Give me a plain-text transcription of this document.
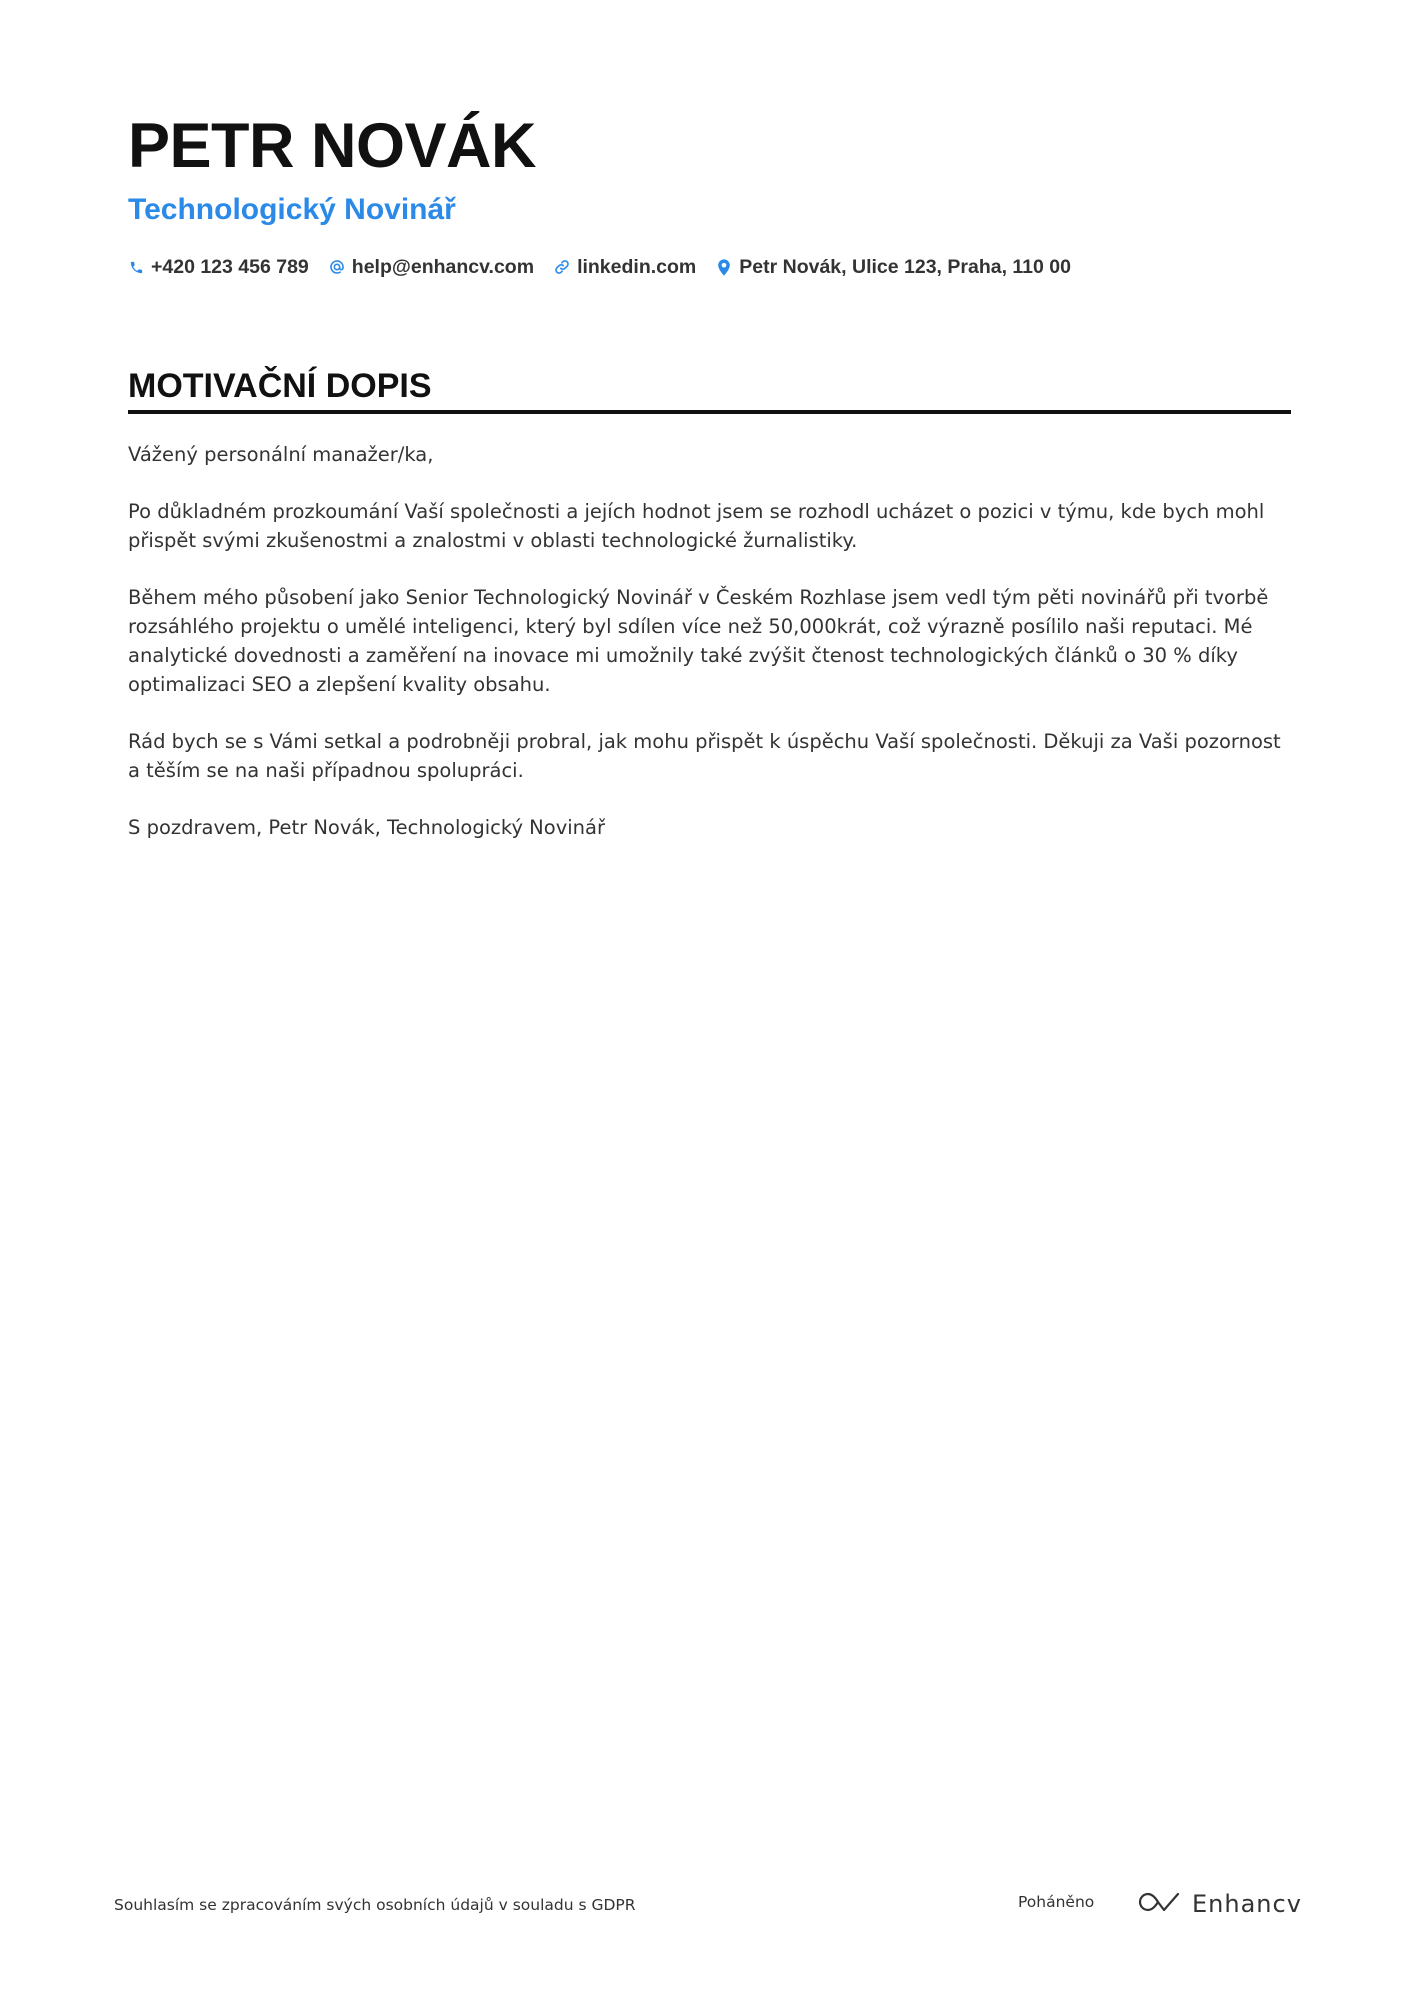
PETR NOVÁK
Technologický Novinář
+420 123 456 789 help@enhancv.com linkedin.com Petr Novák, Ulice 123, Praha, 110 00
MOTIVAČNÍ DOPIS

Vážený personální manažer/ka,

Po důkladném prozkoumání Vaší společnosti a jejích hodnot jsem se rozhodl ucházet o pozici v týmu, kde bych mohl přispět svými zkušenostmi a znalostmi v oblasti technologické žurnalistiky.

Během mého působení jako Senior Technologický Novinář v Českém Rozhlase jsem vedl tým pěti novinářů při tvorbě rozsáhlého projektu o umělé inteligenci, který byl sdílen více než 50,000krát, což výrazně posílilo naši reputaci. Mé analytické dovednosti a zaměření na inovace mi umožnily také zvýšit čtenost technologických článků o 30 % díky optimalizaci SEO a zlepšení kvality obsahu.

Rád bych se s Vámi setkal a podrobněji probral, jak mohu přispět k úspěchu Vaší společnosti. Děkuji za Vaši pozornost a těším se na naši případnou spolupráci.

S pozdravem, Petr Novák, Technologický Novinář

Souhlasím se zpracováním svých osobních údajů v souladu s GDPR	Poháněno	Enhancv
